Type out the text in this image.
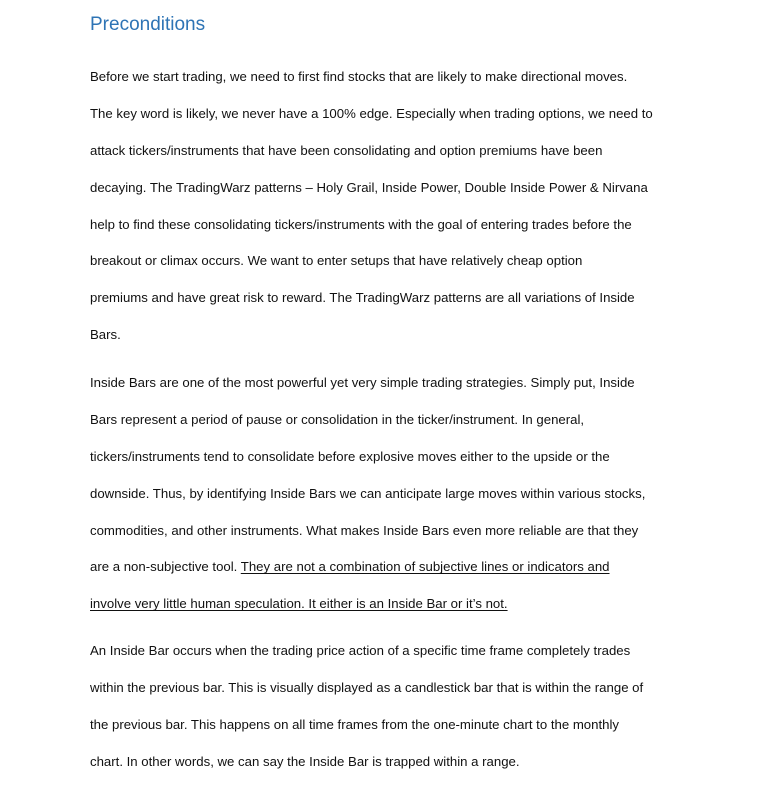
Preconditions

Before we start trading, we need to first find stocks that are likely to make directional moves.
The key word is likely, we never have a 100% edge. Especially when trading options, we need to
attack tickers/instruments that have been consolidating and option premiums have been
decaying. The TradingWarz patterns – Holy Grail, Inside Power, Double Inside Power & Nirvana
help to find these consolidating tickers/instruments with the goal of entering trades before the
breakout or climax occurs. We want to enter setups that have relatively cheap option
premiums and have great risk to reward. The TradingWarz patterns are all variations of Inside
Bars.

Inside Bars are one of the most powerful yet very simple trading strategies. Simply put, Inside
Bars represent a period of pause or consolidation in the ticker/instrument. In general,
tickers/instruments tend to consolidate before explosive moves either to the upside or the
downside. Thus, by identifying Inside Bars we can anticipate large moves within various stocks,
commodities, and other instruments. What makes Inside Bars even more reliable are that they
are a non-subjective tool. They are not a combination of subjective lines or indicators and
involve very little human speculation. It either is an Inside Bar or it’s not.

An Inside Bar occurs when the trading price action of a specific time frame completely trades
within the previous bar. This is visually displayed as a candlestick bar that is within the range of
the previous bar. This happens on all time frames from the one-minute chart to the monthly
chart. In other words, we can say the Inside Bar is trapped within a range.
